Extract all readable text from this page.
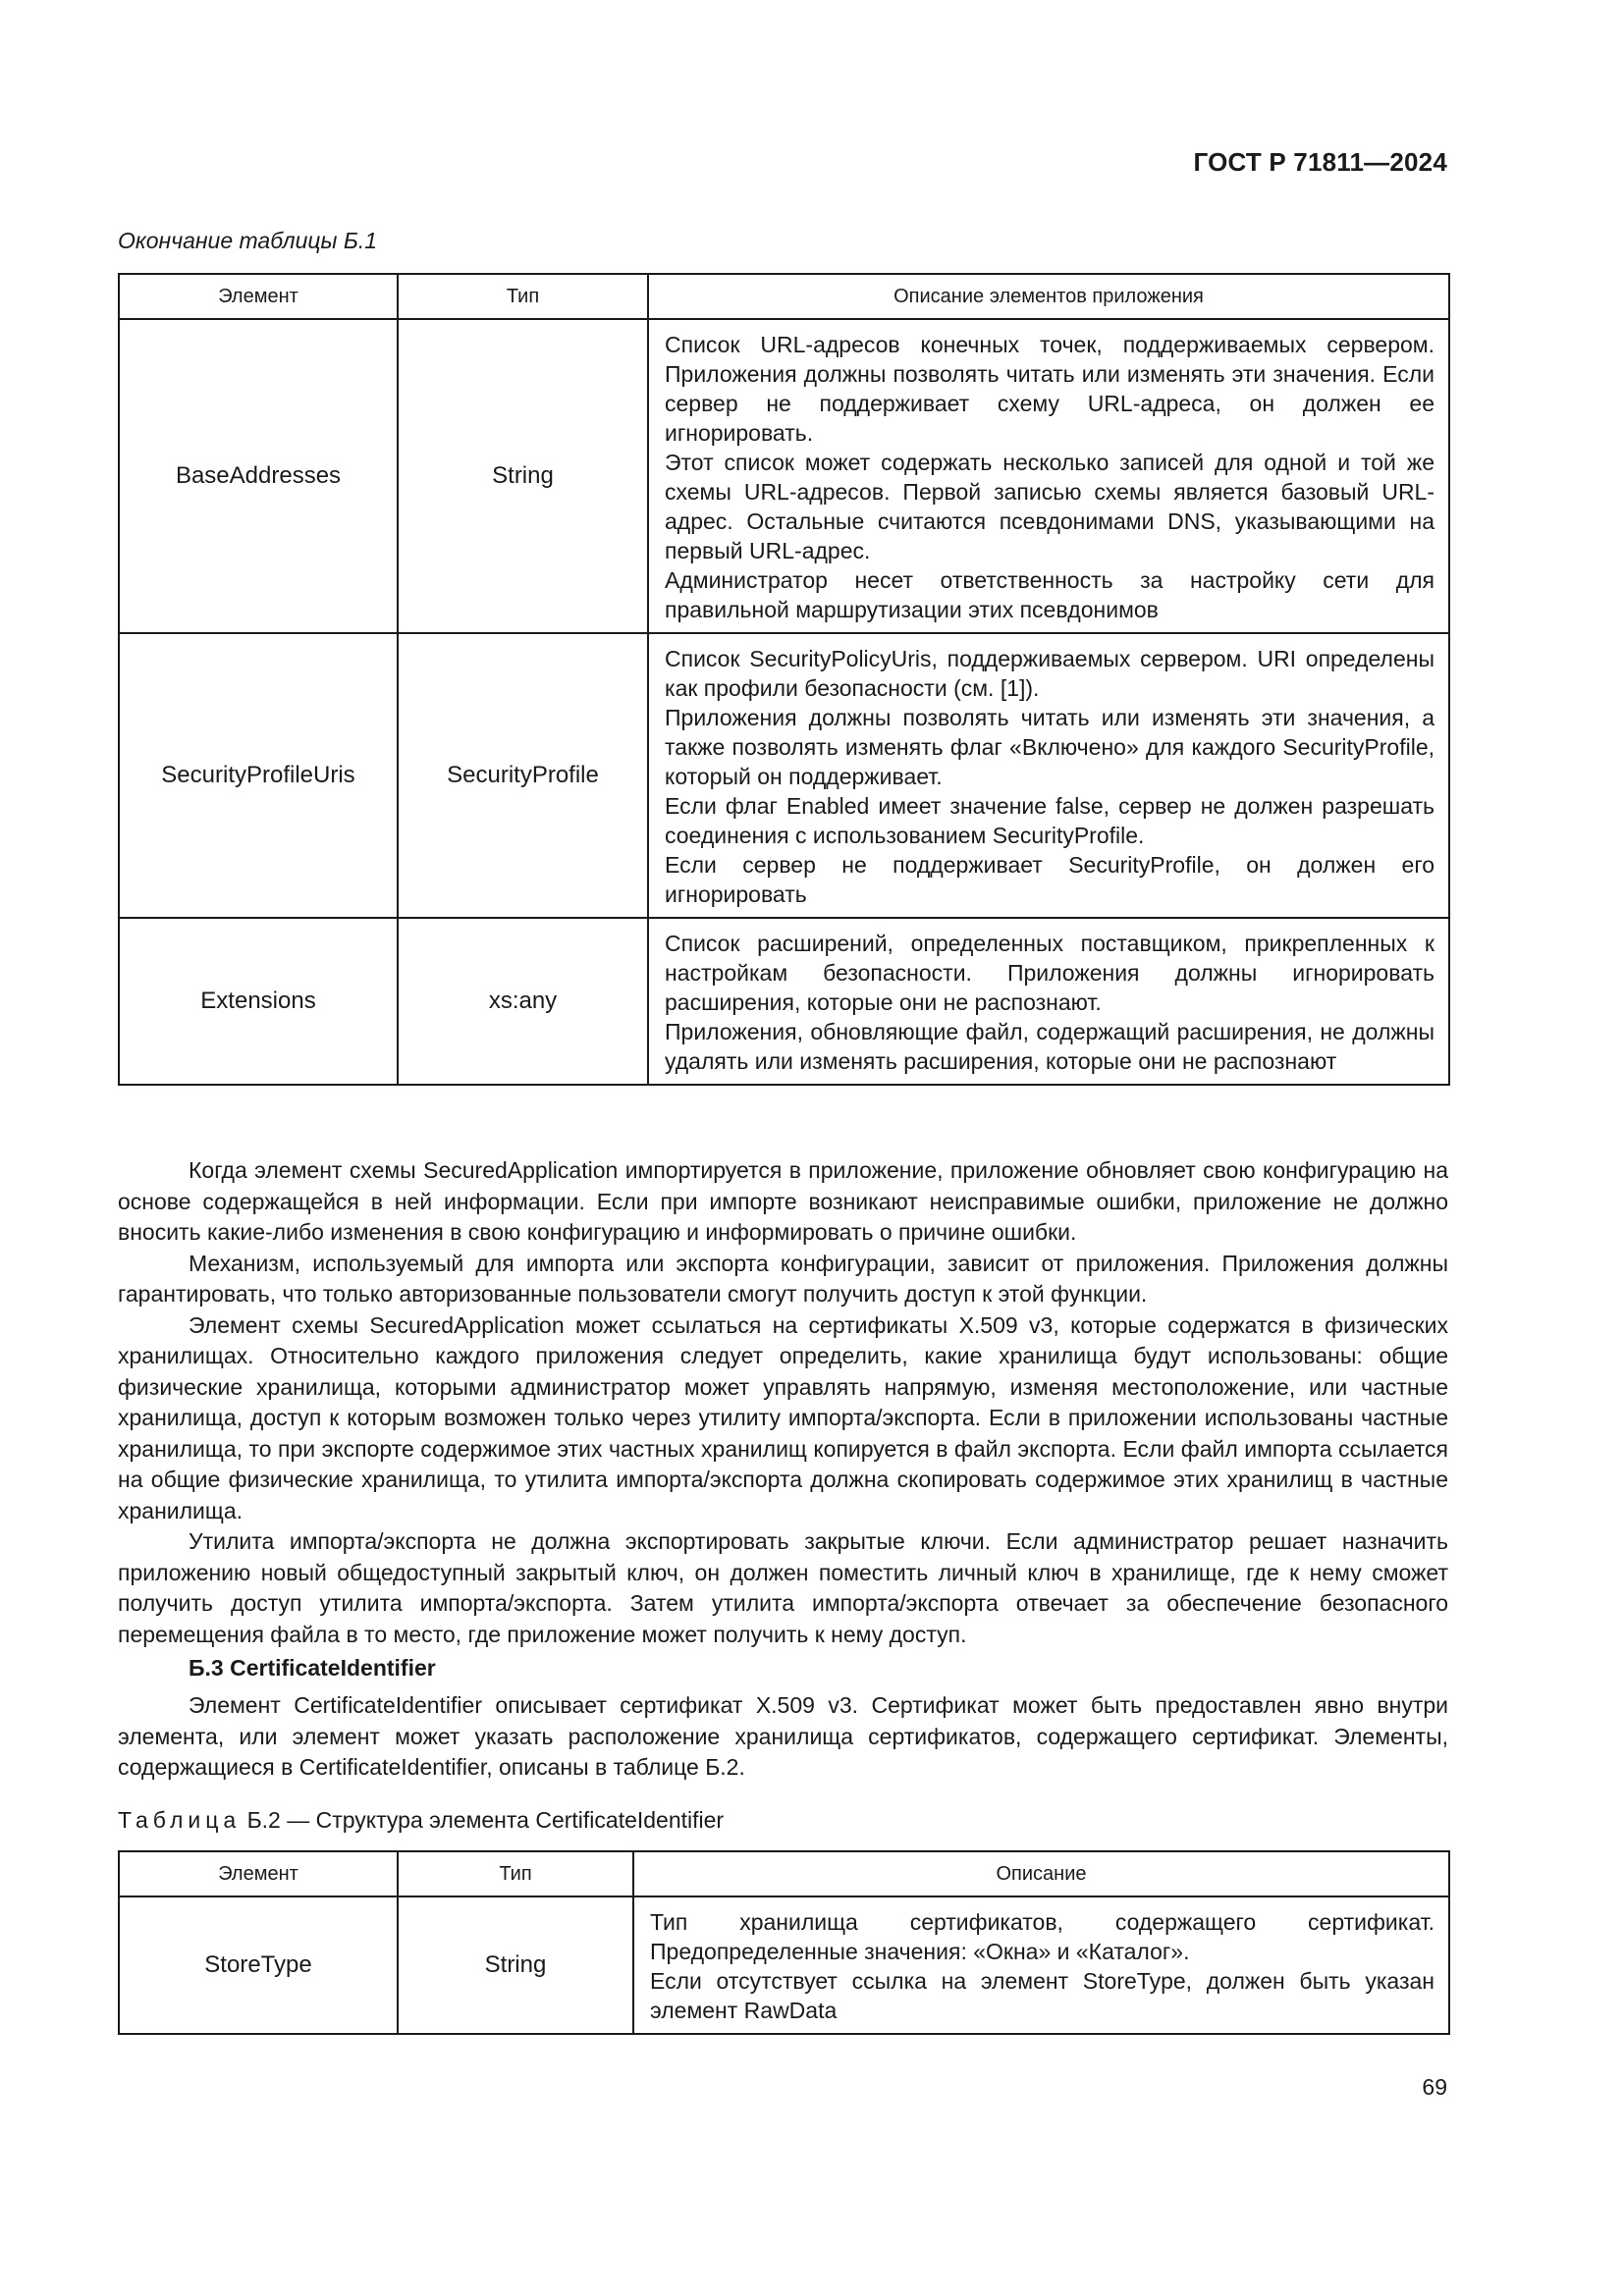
ГОСТ Р 71811—2024
Окончание таблицы Б.1
Элемент	Тип	Описание элементов приложения
BaseAddresses	String	Список URL-адресов конечных точек, поддерживаемых сервером. Приложения должны позволять читать или изменять эти значения. Если сервер не поддерживает схему URL-адреса, он должен ее игнорировать.

Этот список может содержать несколько записей для одной и той же схемы URL-адресов. Первой записью схемы является базовый URL-адрес. Остальные считаются псевдонимами DNS, указывающими на первый URL-адрес.

Администратор несет ответственность за настройку сети для правильной маршрутизации этих псевдонимов

SecurityProfileUris	SecurityProfile	Список SecurityPolicyUris, поддерживаемых сервером. URI определены как профили безопасности (см. [1]).

Приложения должны позволять читать или изменять эти значения, а также позволять изменять флаг «Включено» для каждого SecurityProfile, который он поддерживает.

Если флаг Enabled имеет значение false, сервер не должен разрешать соединения с использованием SecurityProfile.

Если сервер не поддерживает SecurityProfile, он должен его игнорировать

Extensions	xs:any	Список расширений, определенных поставщиком, прикрепленных к настройкам безопасности. Приложения должны игнорировать расширения, которые они не распознают.

Приложения, обновляющие файл, содержащий расширения, не должны удалять или изменять расширения, которые они не распознают

Когда элемент схемы SecuredApplication импортируется в приложение, приложение обновляет свою конфигурацию на основе содержащейся в ней информации. Если при импорте возникают неисправимые ошибки, приложение не должно вносить какие-либо изменения в свою конфигурацию и информировать о причине ошибки.

Механизм, используемый для импорта или экспорта конфигурации, зависит от приложения. Приложения должны гарантировать, что только авторизованные пользователи смогут получить доступ к этой функции.

Элемент схемы SecuredApplication может ссылаться на сертификаты X.509 v3, которые содержатся в физических хранилищах. Относительно каждого приложения следует определить, какие хранилища будут использованы: общие физические хранилища, которыми администратор может управлять напрямую, изменяя местоположение, или частные хранилища, доступ к которым возможен только через утилиту импорта/экспорта. Если в приложении использованы частные хранилища, то при экспорте содержимое этих частных хранилищ копируется в файл экспорта. Если файл импорта ссылается на общие физические хранилища, то утилита импорта/экспорта должна скопировать содержимое этих хранилищ в частные хранилища.

Утилита импорта/экспорта не должна экспортировать закрытые ключи. Если администратор решает назначить приложению новый общедоступный закрытый ключ, он должен поместить личный ключ в хранилище, где к нему сможет получить доступ утилита импорта/экспорта. Затем утилита импорта/экспорта отвечает за обеспечение безопасного перемещения файла в то место, где приложение может получить к нему доступ.

Б.3 CertificateIdentifier

Элемент CertificateIdentifier описывает сертификат X.509 v3. Сертификат может быть предоставлен явно внутри элемента, или элемент может указать расположение хранилища сертификатов, содержащего сертификат. Элементы, содержащиеся в CertificateIdentifier, описаны в таблице Б.2.

Таблица Б.2 — Структура элемента CertificateIdentifier
Элемент	Тип	Описание
StoreType	String	Тип хранилища сертификатов, содержащего сертификат. Предопределенные значения: «Окна» и «Каталог».

Если отсутствует ссылка на элемент StoreType, должен быть указан элемент RawData

69
